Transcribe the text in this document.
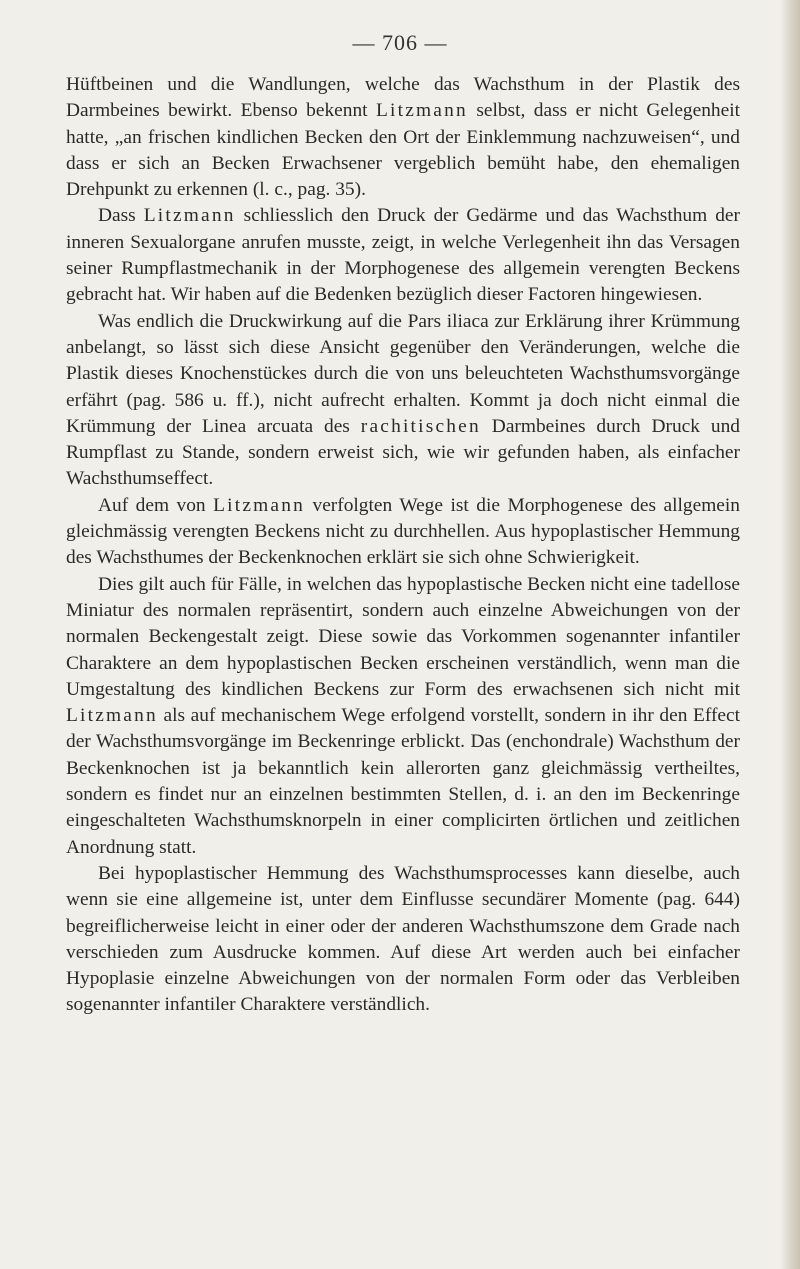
— 706 —

Hüftbeinen und die Wandlungen, welche das Wachsthum in der Plastik des Darmbeines bewirkt. Ebenso bekennt Litzmann selbst, dass er nicht Gelegenheit hatte, „an frischen kindlichen Becken den Ort der Einklemmung nachzuweisen“, und dass er sich an Becken Erwachsener vergeblich bemüht habe, den ehemaligen Drehpunkt zu erkennen (l. c., pag. 35).

Dass Litzmann schliesslich den Druck der Gedärme und das Wachsthum der inneren Sexualorgane anrufen musste, zeigt, in welche Verlegenheit ihn das Versagen seiner Rumpflastmechanik in der Morphogenese des allgemein verengten Beckens gebracht hat. Wir haben auf die Bedenken bezüglich dieser Factoren hingewiesen.

Was endlich die Druckwirkung auf die Pars iliaca zur Erklärung ihrer Krümmung anbelangt, so lässt sich diese Ansicht gegenüber den Veränderungen, welche die Plastik dieses Knochenstückes durch die von uns beleuchteten Wachsthumsvorgänge erfährt (pag. 586 u. ff.), nicht aufrecht erhalten. Kommt ja doch nicht einmal die Krümmung der Linea arcuata des rachitischen Darmbeines durch Druck und Rumpflast zu Stande, sondern erweist sich, wie wir gefunden haben, als einfacher Wachsthumseffect.

Auf dem von Litzmann verfolgten Wege ist die Morphogenese des allgemein gleichmässig verengten Beckens nicht zu durchhellen. Aus hypoplastischer Hemmung des Wachsthumes der Beckenknochen erklärt sie sich ohne Schwierigkeit.

Dies gilt auch für Fälle, in welchen das hypoplastische Becken nicht eine tadellose Miniatur des normalen repräsentirt, sondern auch einzelne Abweichungen von der normalen Beckengestalt zeigt. Diese sowie das Vorkommen sogenannter infantiler Charaktere an dem hypoplastischen Becken erscheinen verständlich, wenn man die Umgestaltung des kindlichen Beckens zur Form des erwachsenen sich nicht mit Litzmann als auf mechanischem Wege erfolgend vorstellt, sondern in ihr den Effect der Wachsthumsvorgänge im Beckenringe erblickt. Das (enchondrale) Wachsthum der Beckenknochen ist ja bekanntlich kein allerorten ganz gleichmässig vertheiltes, sondern es findet nur an einzelnen bestimmten Stellen, d. i. an den im Beckenringe eingeschalteten Wachsthumsknorpeln in einer complicirten örtlichen und zeitlichen Anordnung statt.

Bei hypoplastischer Hemmung des Wachsthumsprocesses kann dieselbe, auch wenn sie eine allgemeine ist, unter dem Einflusse secundärer Momente (pag. 644) begreiflicherweise leicht in einer oder der anderen Wachsthumszone dem Grade nach verschieden zum Ausdrucke kommen. Auf diese Art werden auch bei einfacher Hypoplasie einzelne Abweichungen von der normalen Form oder das Verbleiben sogenannter infantiler Charaktere verständlich.
